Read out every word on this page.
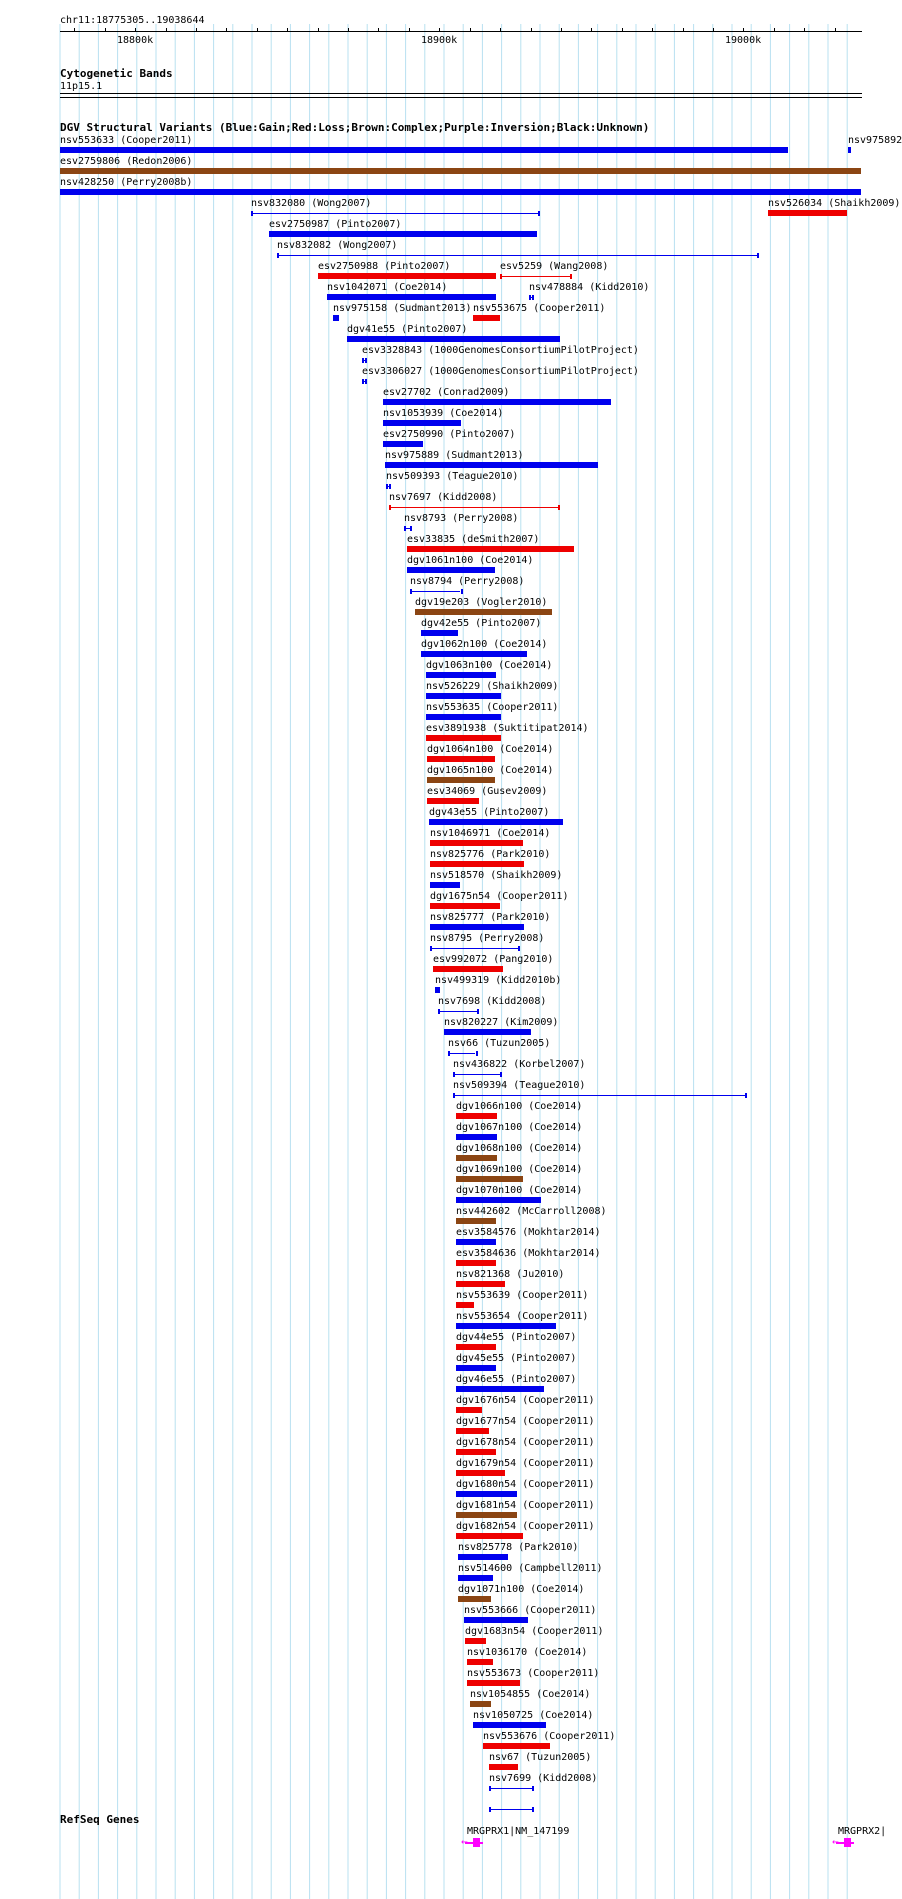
chr11:18775305..19038644
18800k	18900k	19000k
Cytogenetic Bands
11p15.1
DGV Structural Variants (Blue:Gain;Red:Loss;Brown:Complex;Purple:Inversion;Black:Unknown)
nsv553633 (Cooper2011)	nsv975892
esv2759806 (Redon2006)
nsv428250 (Perry2008b)
nsv832080 (Wong2007)	nsv526034 (Shaikh2009)
esv2750987 (Pinto2007)
nsv832082 (Wong2007)
esv2750988 (Pinto2007)	esv5259 (Wang2008)
nsv1042071 (Coe2014)	nsv478884 (Kidd2010)
nsv975158 (Sudmant2013) nsv553675 (Cooper2011)
dgv41e55 (Pinto2007)
esv3328843 (1000GenomesConsortiumPilotProject)
esv3306027 (1000GenomesConsortiumPilotProject)
esv27702 (Conrad2009)
nsv1053939 (Coe2014)
esv2750990 (Pinto2007)
nsv975889 (Sudmant2013)
nsv509393 (Teague2010)
nsv7697 (Kidd2008)
nsv8793 (Perry2008)
esv33835 (deSmith2007)
dgv1061n100 (Coe2014)
nsv8794 (Perry2008)
dgv19e203 (Vogler2010)
dgv42e55 (Pinto2007)
dgv1062n100 (Coe2014)
dgv1063n100 (Coe2014)
nsv526229 (Shaikh2009)
nsv553635 (Cooper2011)
esv3891938 (Suktitipat2014)
dgv1064n100 (Coe2014)
dgv1065n100 (Coe2014)
esv34069 (Gusev2009)
dgv43e55 (Pinto2007)
nsv1046971 (Coe2014)
nsv825776 (Park2010)
nsv518570 (Shaikh2009)
dgv1675n54 (Cooper2011)
nsv825777 (Park2010)
nsv8795 (Perry2008)
esv992072 (Pang2010)
nsv499319 (Kidd2010b)
nsv7698 (Kidd2008)
nsv820227 (Kim2009)
nsv66 (Tuzun2005)
nsv436822 (Korbel2007)
nsv509394 (Teague2010)
dgv1066n100 (Coe2014)
dgv1067n100 (Coe2014)
dgv1068n100 (Coe2014)
dgv1069n100 (Coe2014)
dgv1070n100 (Coe2014)
nsv442602 (McCarroll2008)
esv3584576 (Mokhtar2014)
esv3584636 (Mokhtar2014)
nsv821368 (Ju2010)
nsv553639 (Cooper2011)
nsv553654 (Cooper2011)
dgv44e55 (Pinto2007)
dgv45e55 (Pinto2007)
dgv46e55 (Pinto2007)
dgv1676n54 (Cooper2011)
dgv1677n54 (Cooper2011)
dgv1678n54 (Cooper2011)
dgv1679n54 (Cooper2011)
dgv1680n54 (Cooper2011)
dgv1681n54 (Cooper2011)
dgv1682n54 (Cooper2011)
nsv825778 (Park2010)
nsv514600 (Campbell2011)
dgv1071n100 (Coe2014)
nsv553666 (Cooper2011)
dgv1683n54 (Cooper2011)
nsv1036170 (Coe2014)
nsv553673 (Cooper2011)
nsv1054855 (Coe2014)
nsv1050725 (Coe2014)
nsv553676 (Cooper2011)
nsv67 (Tuzun2005)
nsv7699 (Kidd2008)
RefSeq Genes
MRGPRX1|NM_147199
←
MRGPRX2|
←
